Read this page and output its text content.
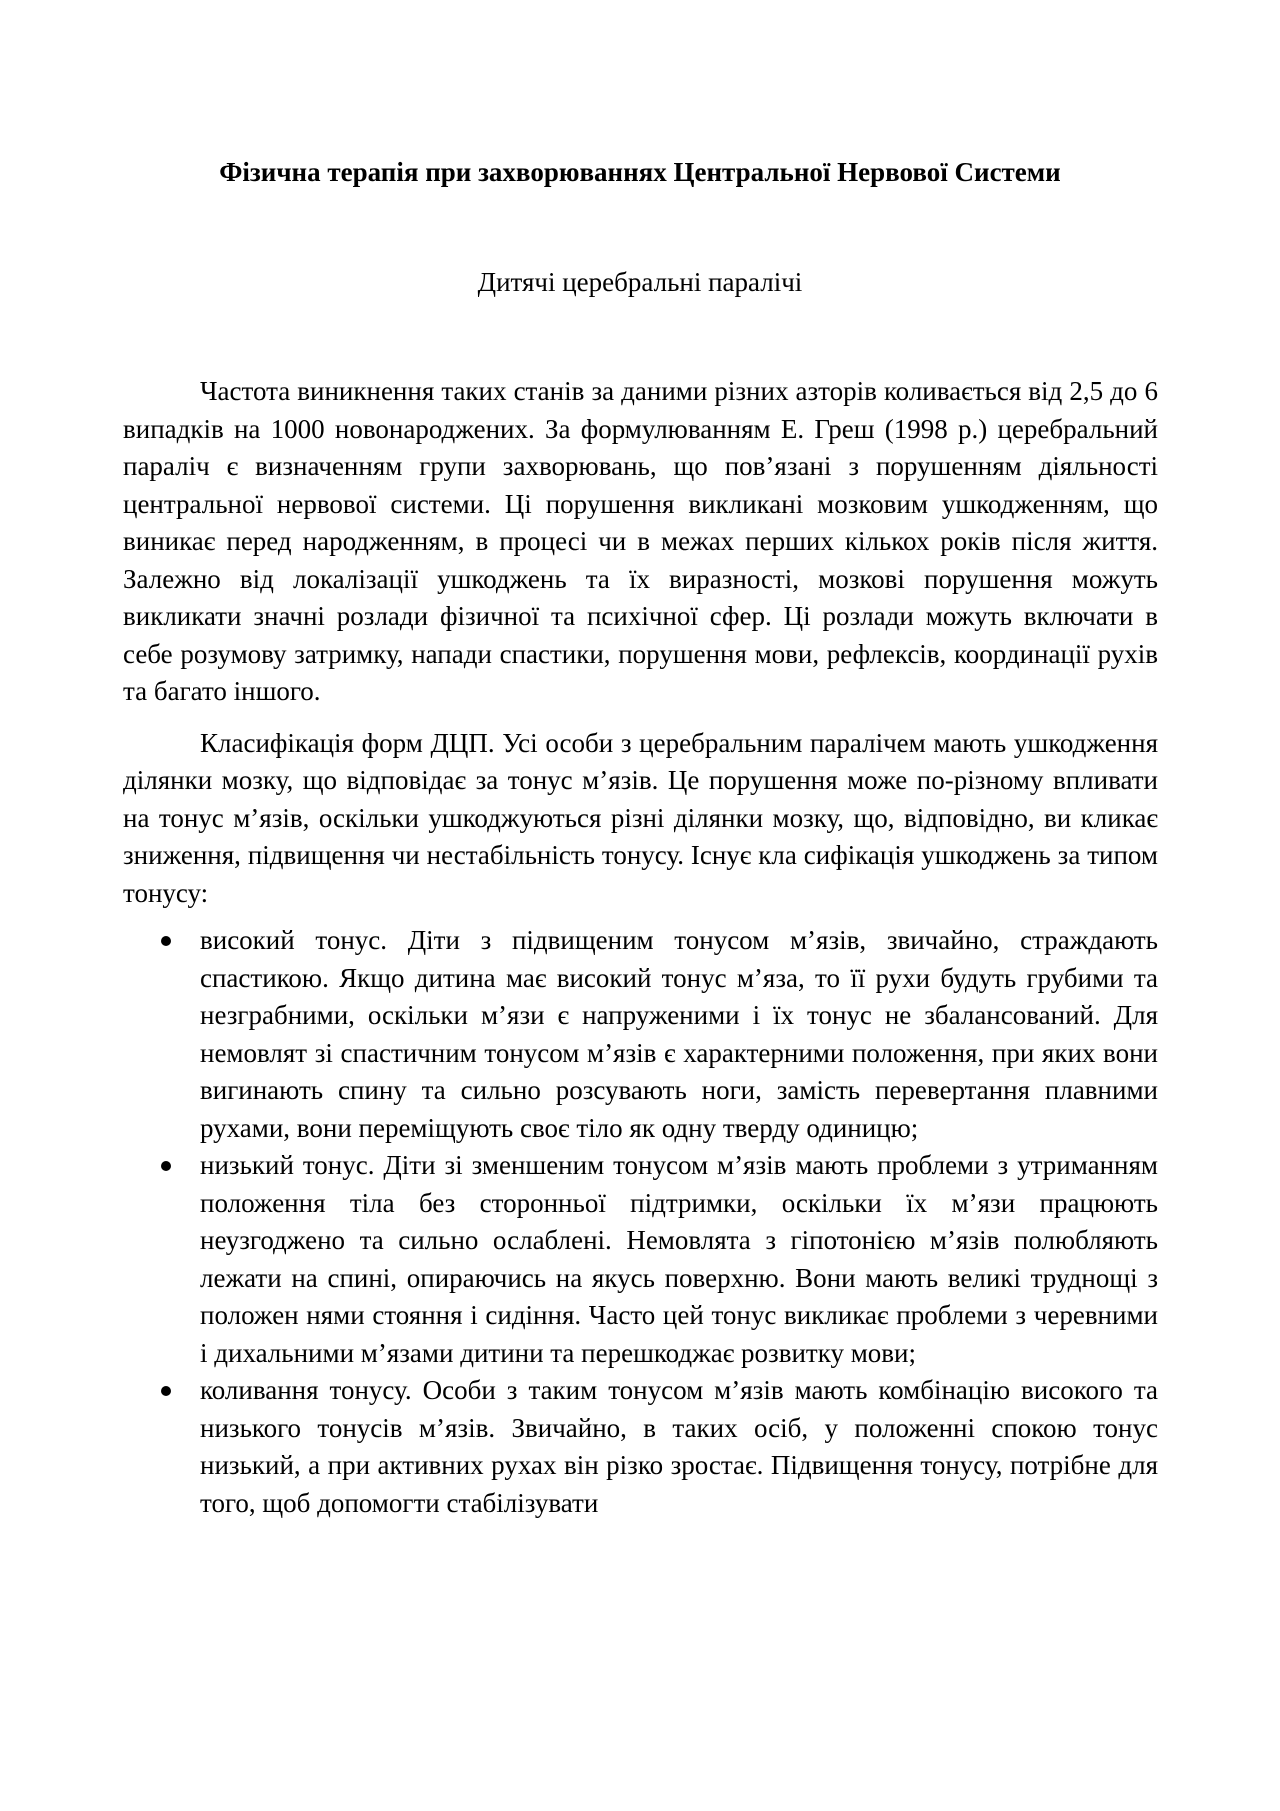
Фізична терапія при захворюваннях Центральної Нервової Системи
Дитячі церебральні паралічі

Частота виникнення таких станів за даними різних азторів коливається від 2,5 до 6 випадків на 1000 новонароджених. За формулюванням Е. Греш (1998 р.) церебральний параліч є визначенням групи захворювань, що пов’язані з порушенням діяльності центральної нервової системи. Ці порушення викликані мозковим ушкодженням, що виникає перед народженням, в процесі чи в межах перших кількох років після життя. Залежно від локалізації ушкоджень та їх виразності, мозкові порушення можуть викликати значні розлади фізичної та психічної сфер. Ці розлади можуть включати в себе розумову затримку, напади спастики, порушення мови, рефлексів, координації рухів та багато іншого.

Класифікація форм ДЦП. Усі особи з церебральним паралічем мають ушкодження ділянки мозку, що відповідає за тонус м’язів. Це порушення може по-різному впливати на тонус м’язів, оскільки ушкоджуються різні ділянки мозку, що, відповідно, ви кликає зниження, підвищення чи нестабільність тонусу. Існує кла сифікація ушкоджень за типом тонусу:

високий тонус. Діти з підвищеним тонусом м’язів, звичайно, страждають спастикою. Якщо дитина має високий тонус м’яза, то її рухи будуть грубими та незграбними, оскільки м’язи є напруженими і їх тонус не збалансований. Для немовлят зі спастичним тонусом м’язів є характерними положення, при яких вони вигинають спину та сильно розсувають ноги, замість перевертання плавними рухами, вони переміщують своє тіло як одну тверду одиницю;
низький тонус. Діти зі зменшеним тонусом м’язів мають проблеми з утриманням положення тіла без сторонньої підтримки, оскільки їх м’язи працюють неузгоджено та сильно ослаблені. Немовлята з гіпотонією м’язів полюбляють лежати на спині, опираючись на якусь поверхню. Вони мають великі труднощі з положен нями стояння і сидіння. Часто цей тонус викликає проблеми з черевними і дихальними м’язами дитини та перешкоджає розвитку мови;
коливання тонусу. Особи з таким тонусом м’язів мають комбінацію високого та низького тонусів м’язів. Звичайно, в таких осіб, у положенні спокою тонус низький, а при активних рухах він різко зростає. Підвищення тонусу, потрібне для того, щоб допомогти стабілізувати
